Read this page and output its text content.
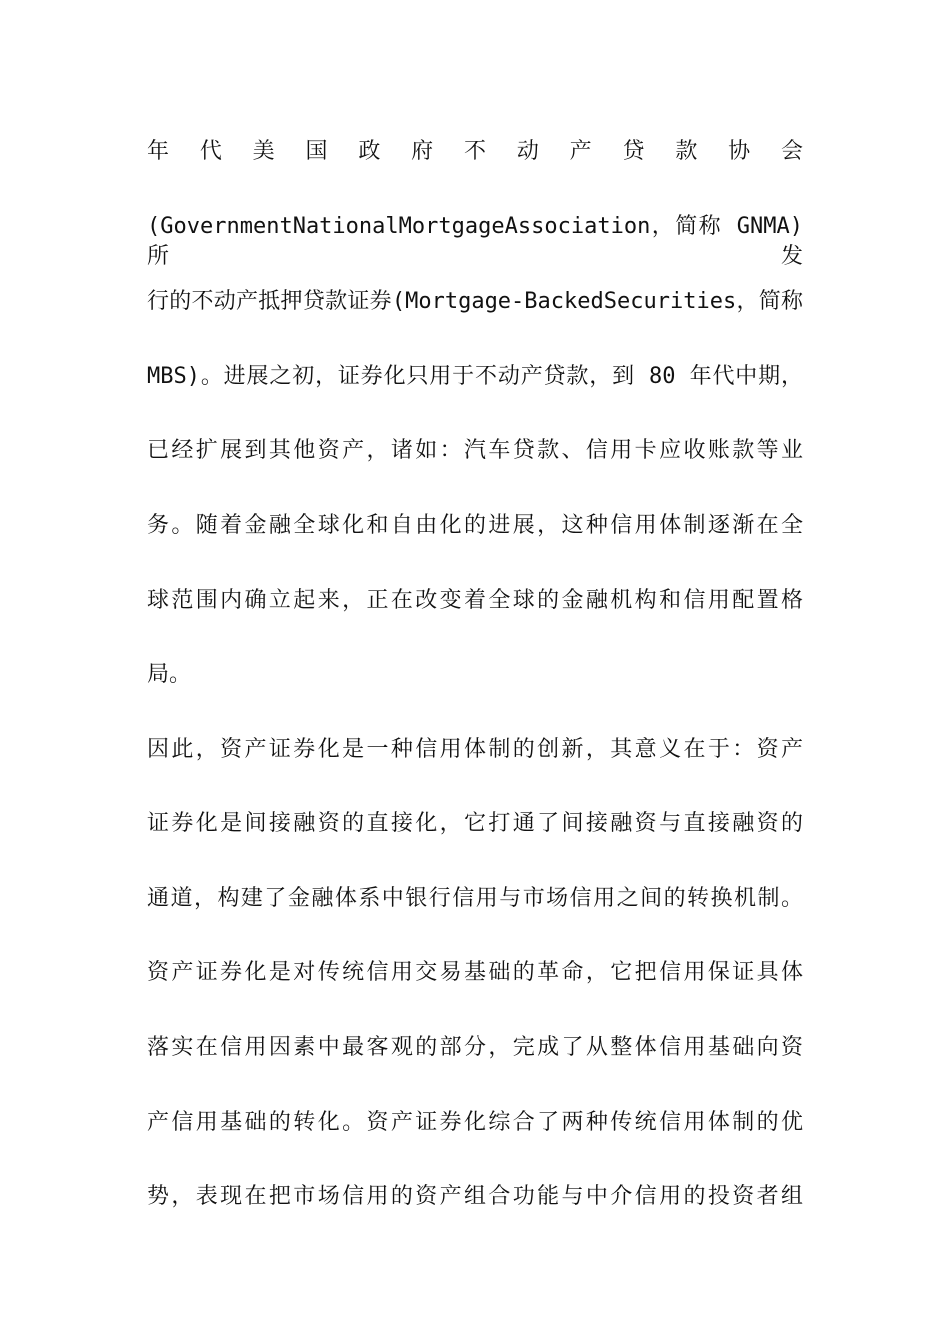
年 代 美 国 政 府 不 动 产 贷 款 协 会
(GovernmentNationalMortgageAssociation，简称 GNMA)所发
行的不动产抵押贷款证券(Mortgage-BackedSecurities，简称
MBS)。进展之初，证券化只用于不动产贷款，到 80 年代中期，
已经扩展到其他资产，诸如：汽车贷款、信用卡应收账款等业
务。随着金融全球化和自由化的进展，这种信用体制逐渐在全
球范围内确立起来，正在改变着全球的金融机构和信用配置格
局。
因此，资产证券化是一种信用体制的创新，其意义在于：资产
证券化是间接融资的直接化，它打通了间接融资与直接融资的
通道，构建了金融体系中银行信用与市场信用之间的转换机制。
资产证券化是对传统信用交易基础的革命，它把信用保证具体
落实在信用因素中最客观的部分，完成了从整体信用基础向资
产信用基础的转化。资产证券化综合了两种传统信用体制的优
势，表现在把市场信用的资产组合功能与中介信用的投资者组
